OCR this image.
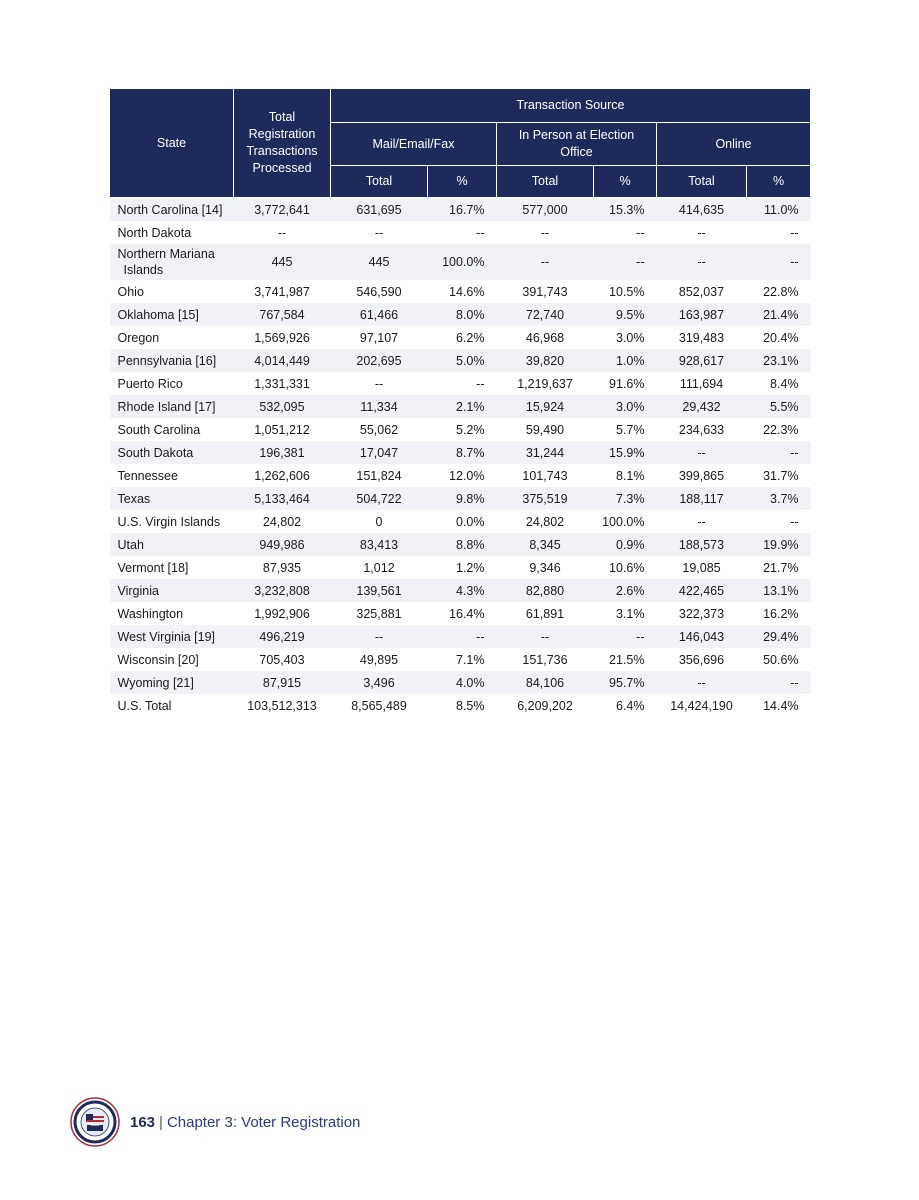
State	Total Registration Transactions Processed	Transaction Source					
		Mail/Email/Fax		In Person at Election Office		Online	
		Total	%	Total	%	Total	%
North Carolina [14]	3,772,641	631,695	16.7%	577,000	15.3%	414,635	11.0%
North Dakota	--	--	--	--	--	--	--

Northern Mariana
Islands	445	445	100.0%	--	--	--	--
Ohio	3,741,987	546,590	14.6%	391,743	10.5%	852,037	22.8%
Oklahoma [15]	767,584	61,466	8.0%	72,740	9.5%	163,987	21.4%
Oregon	1,569,926	97,107	6.2%	46,968	3.0%	319,483	20.4%
Pennsylvania [16]	4,014,449	202,695	5.0%	39,820	1.0%	928,617	23.1%
Puerto Rico	1,331,331	--	--	1,219,637	91.6%	111,694	8.4%
Rhode Island [17]	532,095	11,334	2.1%	15,924	3.0%	29,432	5.5%
South Carolina	1,051,212	55,062	5.2%	59,490	5.7%	234,633	22.3%
South Dakota	196,381	17,047	8.7%	31,244	15.9%	--	--
Tennessee	1,262,606	151,824	12.0%	101,743	8.1%	399,865	31.7%
Texas	5,133,464	504,722	9.8%	375,519	7.3%	188,117	3.7%
U.S. Virgin Islands	24,802	0	0.0%	24,802	100.0%	--	--
Utah	949,986	83,413	8.8%	8,345	0.9%	188,573	19.9%
Vermont [18]	87,935	1,012	1.2%	9,346	10.6%	19,085	21.7%
Virginia	3,232,808	139,561	4.3%	82,880	2.6%	422,465	13.1%
Washington	1,992,906	325,881	16.4%	61,891	3.1%	322,373	16.2%
West Virginia [19]	496,219	--	--	--	--	146,043	29.4%
Wisconsin [20]	705,403	49,895	7.1%	151,736	21.5%	356,696	50.6%
Wyoming [21]	87,915	3,496	4.0%	84,106	95.7%	--	--
U.S. Total	103,512,313	8,565,489	8.5%	6,209,202	6.4%	14,424,190	14.4%
163 | Chapter 3: Voter Registration
